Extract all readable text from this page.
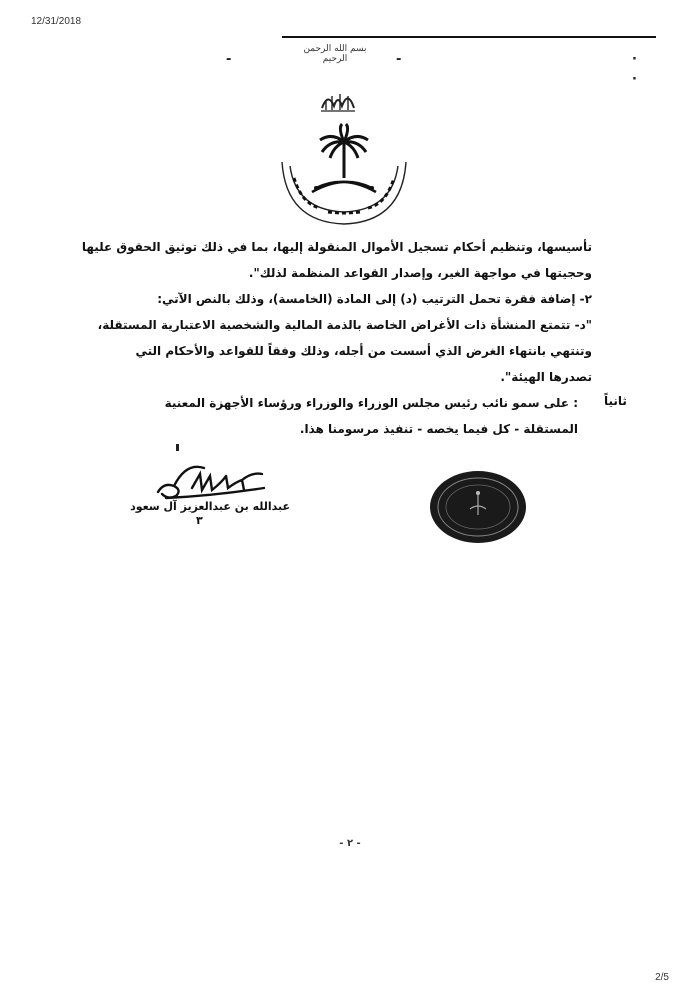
12/31/2018
-	-	·
·
بسم الله الرحمن الرحيم
تأسيسها، وتنظيم أحكام تسجيل الأموال المنقولة إليها، بما في ذلك توثيق الحقوق عليها
وحجيتها في مواجهة الغير، وإصدار القواعد المنظمة لذلك".
٢- إضافة فقرة تحمل الترتيب (د) إلى المادة (الخامسة)، وذلك بالنص الآتي:
"د- تتمتع المنشأة ذات الأغراض الخاصة بالذمة المالية والشخصية الاعتبارية المستقلة،
وتنتهي بانتهاء الغرض الذي أسست من أجله، وذلك وفقاً للقواعد والأحكام التي
تصدرها الهيئة".
ثانياً
: على سمو نائب رئيس مجلس الوزراء والوزراء ورؤساء الأجهزة المعنية
المستقلة - كل فيما يخصه - تنفيذ مرسومنا هذا.
عبدالله بن عبدالعزيز آل سعود
٣
- ٢ -
2/5
